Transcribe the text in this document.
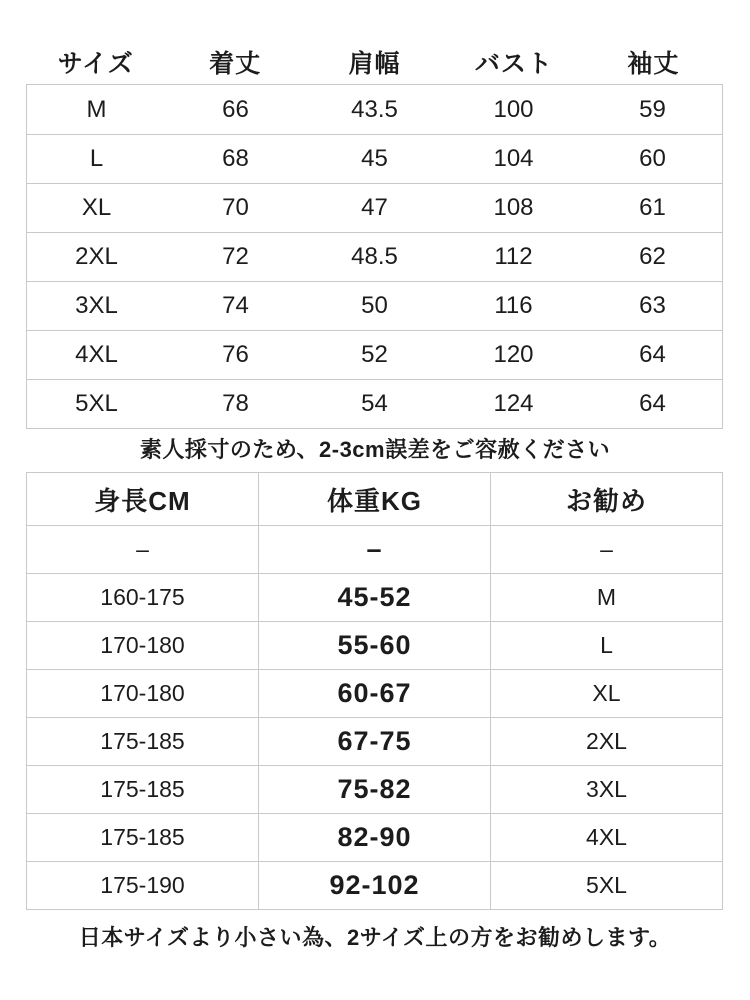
サイズ	着丈	肩幅	バスト	袖丈
M	66	43.5	100	59
L	68	45	104	60
XL	70	47	108	61
2XL	72	48.5	112	62
3XL	74	50	116	63
4XL	76	52	120	64
5XL	78	54	124	64
素人採寸のため、2-3cm誤差をご容赦ください
身長CM	体重KG	お勧め
–	–	–
160-175	45-52	M
170-180	55-60	L
170-180	60-67	XL
175-185	67-75	2XL
175-185	75-82	3XL
175-185	82-90	4XL
175-190	92-102	5XL
日本サイズより小さい為、2サイズ上の方をお勧めします。
